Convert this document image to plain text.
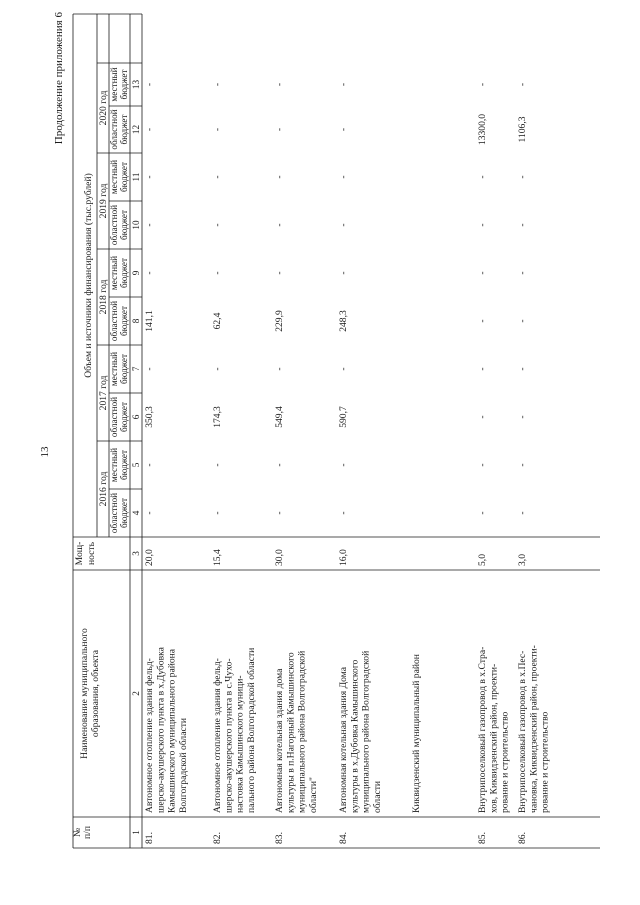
13
Продолжение приложения 6
№ п/п
Наименование муниципального образования, объекта
Мощ- ность
Объем и источники финансирования (тыс.рублей)
2016 год
2017 год
2018 год
2019 год
2020 год
областной бюджет
местный бюджет
областной бюджет
местный бюджет
областной бюджет
местный бюджет
областной бюджет
местный бюджет
областной бюджет
местный бюджет
1
2
3
4
5
6
7
8
9
10
11
12
13
81.
Автономное отопление здания фельд- шерско-акушерского пункта в х.Дубовка Камышинского муниципального района Волгоградской области
20,0
-
-
350,3
-
141,1
-
-
-
-
-
82.
Автономное отопление здания фельд- шерско-акушерского пункта в с.Чухо- настовка Камышинского муници- пального района Волгоградской области
15,4
-
-
174,3
-
62,4
-
-
-
-
-
83.
Автономная котельная здания дома культуры в п.Нагорный Камышинского муниципального района Волгоградской области"
30,0
-
-
549,4
-
229,9
-
-
-
-
-
84.
Автономная котельная здания Дома культуры в х.Дубовка Камышинского муниципального района Волгоградской области
16,0
-
-
590,7
-
248,3
-
-
-
-
-
Киквидзенский муниципальный район
85.
Внутрипоселковый газопровод в х.Стра- хов, Киквидзенский район, проекти- рование и строительство
5,0
-
-
-
-
-
-
-
-
13300,0
-
86.
Внутрипоселковый газопровод в х.Пес- чановка, Киквидзенский район, проекти- рование и строительство
3,0
-
-
-
-
-
-
-
-
1106,3
-
